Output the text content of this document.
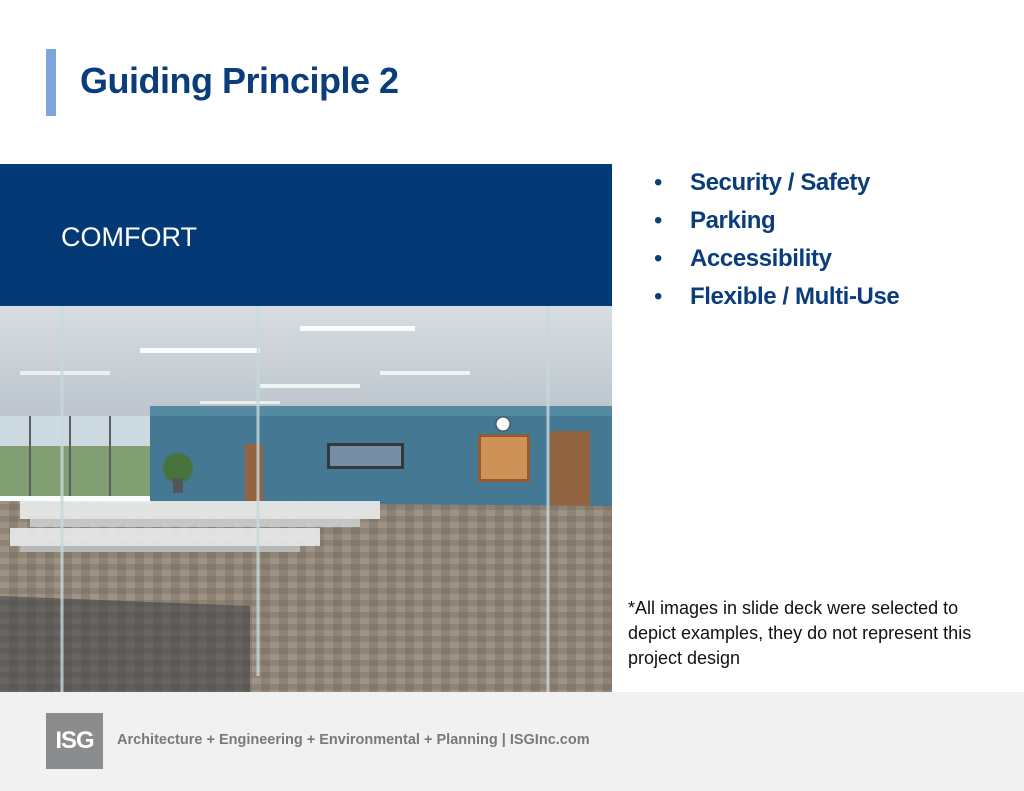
Guiding Principle 2
COMFORT
• Security / Safety
• Parking
• Accessibility
• Flexible / Multi-Use
*All images in slide deck were selected to depict examples, they do not represent this project design
ISG	Architecture + Engineering + Environmental + Planning | ISGInc.com
